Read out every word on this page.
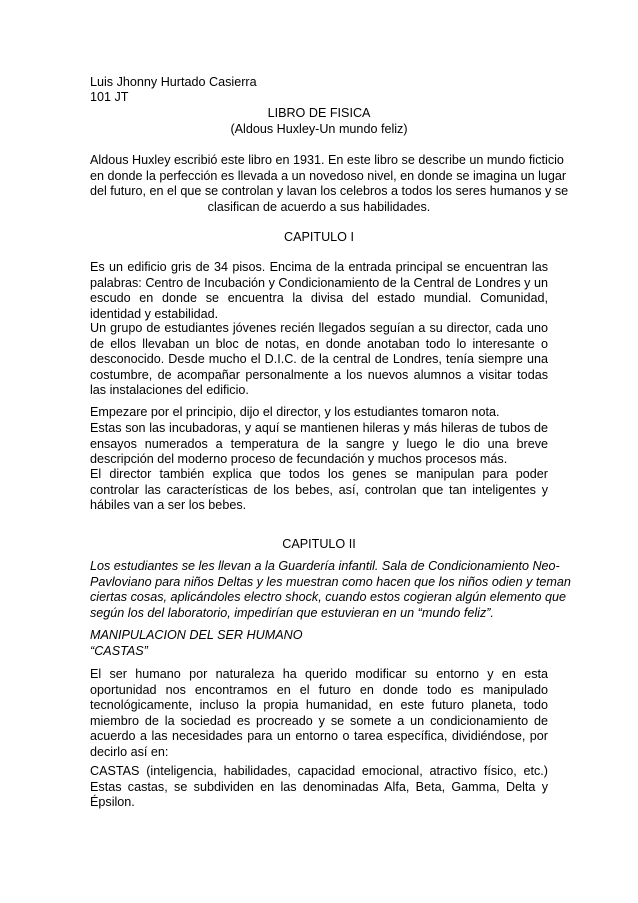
Luis Jhonny Hurtado Casierra
101 JT
LIBRO DE FISICA
(Aldous Huxley-Un mundo feliz)
Aldous Huxley escribió este libro en 1931. En este libro se describe un mundo ficticio
en donde la perfección es llevada a un novedoso nivel, en donde se imagina un lugar
del futuro, en el que se controlan y lavan los celebros a todos los seres humanos y se
clasifican de acuerdo a sus habilidades.
CAPITULO I

Es un edificio gris de 34 pisos. Encima de la entrada principal se encuentran las palabras: Centro de Incubación y Condicionamiento de la Central de Londres y un escudo en donde se encuentra la divisa del estado mundial. Comunidad, identidad y estabilidad.

Un grupo de estudiantes jóvenes recién llegados seguían a su director, cada uno de ellos llevaban un bloc de notas, en donde anotaban todo lo interesante o desconocido. Desde mucho el D.I.C. de la central de Londres, tenía siempre una costumbre, de acompañar personalmente a los nuevos alumnos a visitar todas las instalaciones del edificio.

Empezare por el principio, dijo el director, y los estudiantes tomaron nota.

Estas son las incubadoras, y aquí se mantienen hileras y más hileras de tubos de ensayos numerados a temperatura de la sangre y luego le dio una breve descripción del moderno proceso de fecundación y muchos procesos más.

El director también explica que todos los genes se manipulan para poder controlar las características de los bebes, así, controlan que tan inteligentes y hábiles van a ser los bebes.

CAPITULO II
Los estudiantes se les llevan a la Guardería infantil. Sala de Condicionamiento Neo-
Pavloviano para niños Deltas y les muestran como hacen que los niños odien y teman
ciertas cosas, aplicándoles electro shock, cuando estos cogieran algún elemento que
según los del laboratorio, impedirían que estuvieran en un “mundo feliz”.
MANIPULACION DEL SER HUMANO
“CASTAS”

El ser humano por naturaleza ha querido modificar su entorno y en esta oportunidad nos encontramos en el futuro en donde todo es manipulado tecnológicamente, incluso la propia humanidad, en este futuro planeta, todo miembro de la sociedad es procreado y se somete a un condicionamiento de acuerdo a las necesidades para un entorno o tarea específica, dividiéndose, por decirlo así en:

CASTAS (inteligencia, habilidades, capacidad emocional, atractivo físico, etc.) Estas castas, se subdividen en las denominadas Alfa, Beta, Gamma, Delta y Épsilon.
